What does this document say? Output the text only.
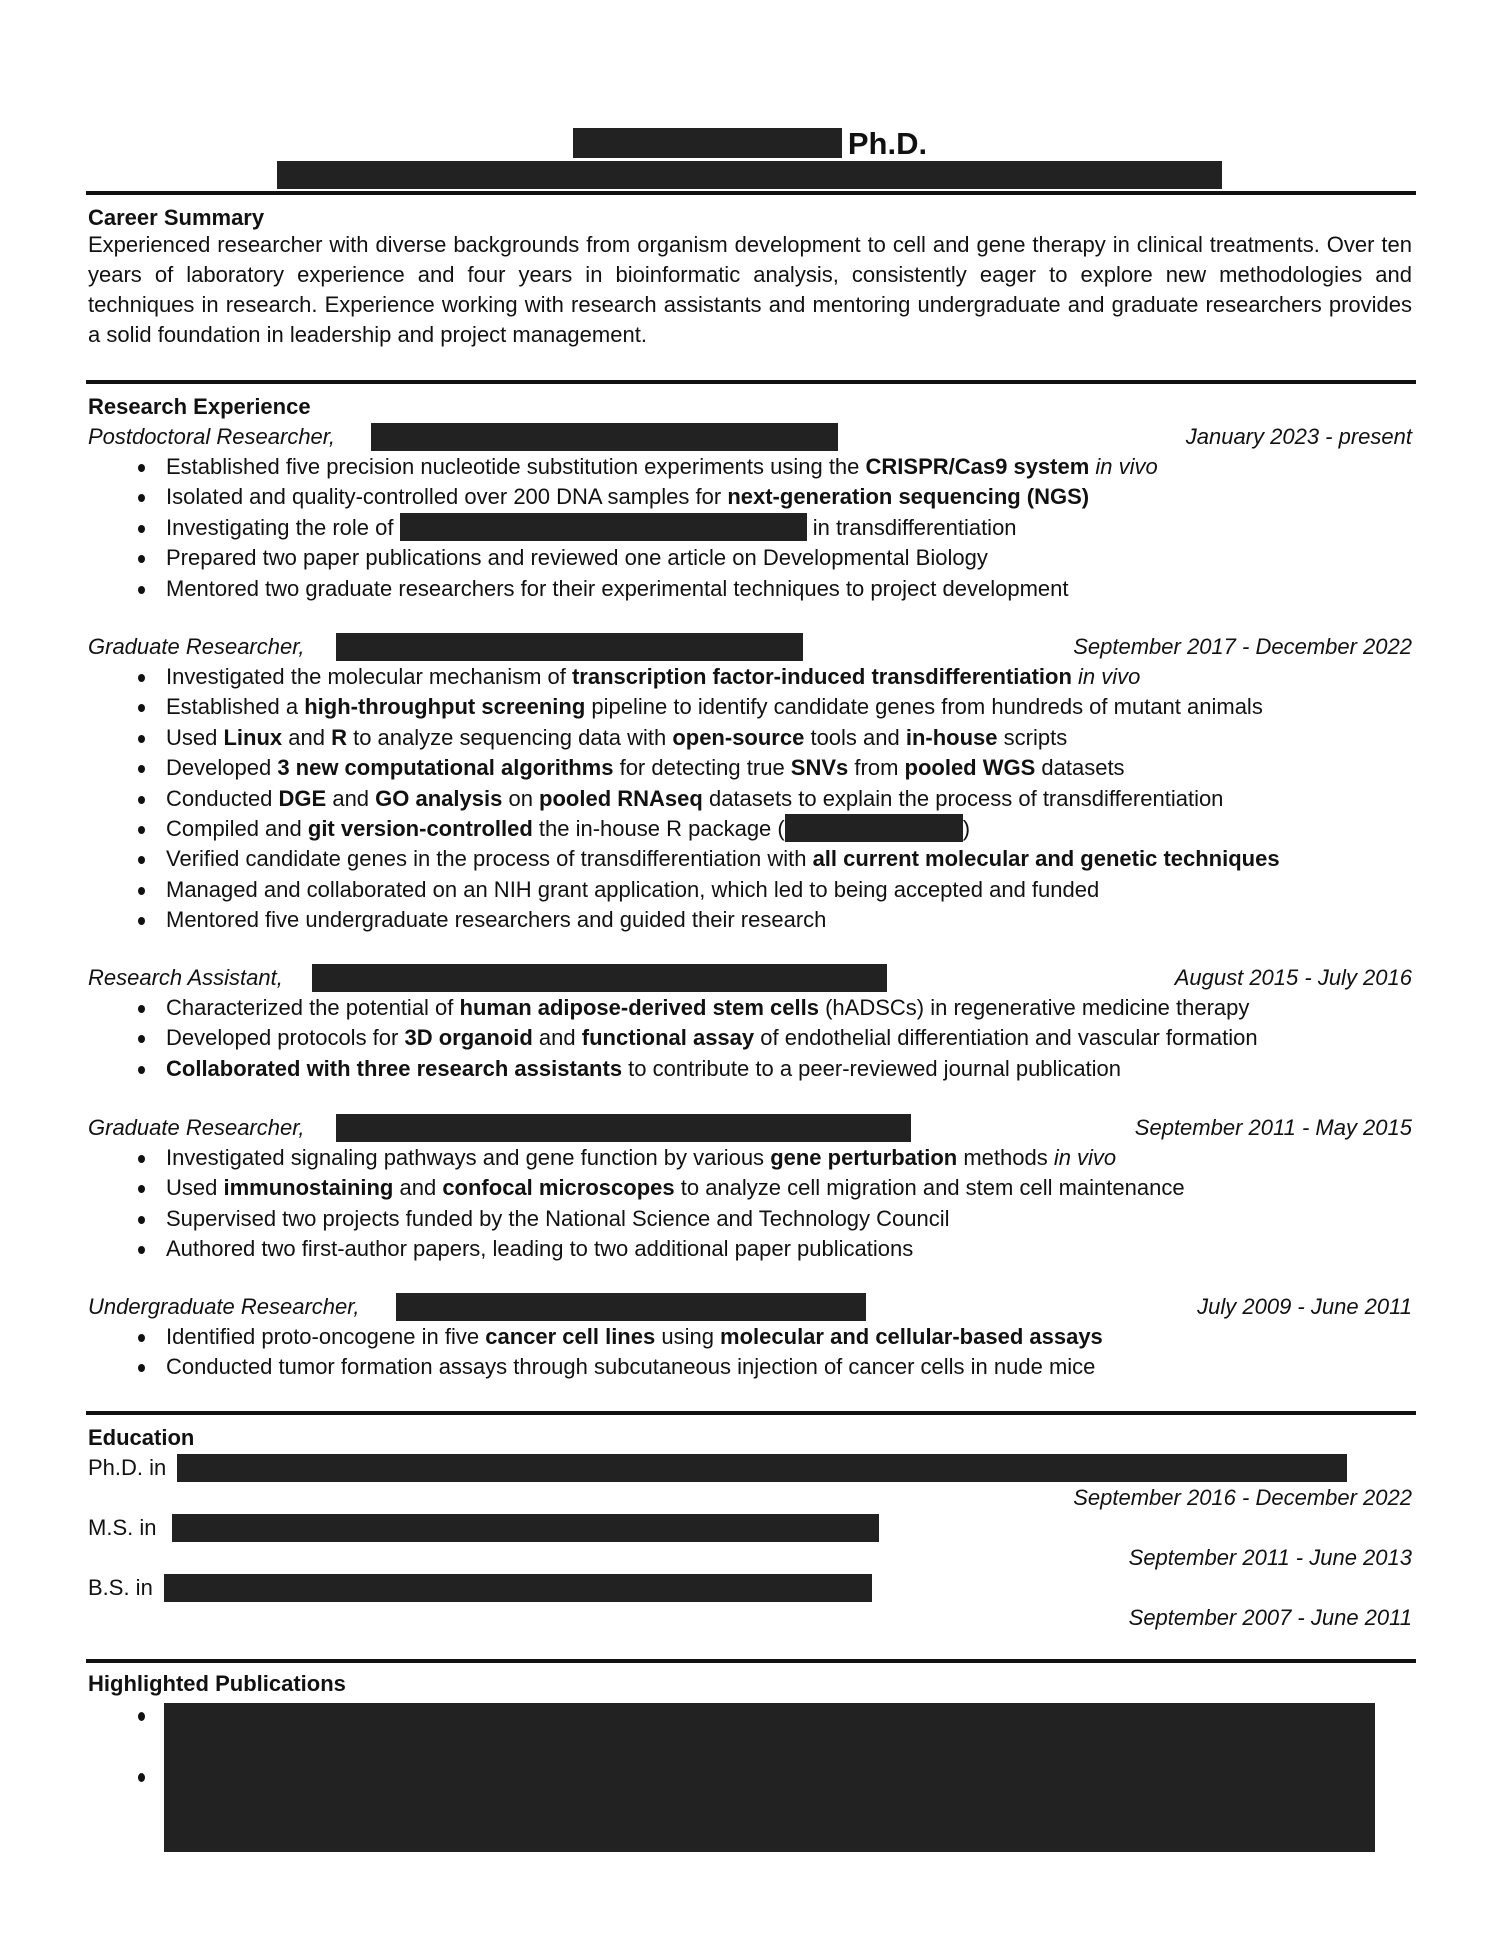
Ph.D.
Career Summary
Experienced researcher with diverse backgrounds from organism development to cell and gene therapy in clinical treatments. Over ten years of laboratory experience and four years in bioinformatic analysis, consistently eager to explore new methodologies and techniques in research. Experience working with research assistants and mentoring undergraduate and graduate researchers provides a solid foundation in leadership and project management.
Research Experience
Postdoctoral Researcher,	January 2023 - present
Established five precision nucleotide substitution experiments using the CRISPR/Cas9 system in vivo
Isolated and quality-controlled over 200 DNA samples for next-generation sequencing (NGS)
Investigating the role of	in transdifferentiation
Prepared two paper publications and reviewed one article on Developmental Biology
Mentored two graduate researchers for their experimental techniques to project development
Graduate Researcher,	September 2017 - December 2022
Investigated the molecular mechanism of transcription factor-induced transdifferentiation in vivo
Established a high-throughput screening pipeline to identify candidate genes from hundreds of mutant animals
Used Linux and R to analyze sequencing data with open-source tools and in-house scripts
Developed 3 new computational algorithms for detecting true SNVs from pooled WGS datasets
Conducted DGE and GO analysis on pooled RNAseq datasets to explain the process of transdifferentiation
Compiled and git version-controlled the in-house R package (	)
Verified candidate genes in the process of transdifferentiation with all current molecular and genetic techniques
Managed and collaborated on an NIH grant application, which led to being accepted and funded
Mentored five undergraduate researchers and guided their research
Research Assistant,	August 2015 - July 2016
Characterized the potential of human adipose-derived stem cells (hADSCs) in regenerative medicine therapy
Developed protocols for 3D organoid and functional assay of endothelial differentiation and vascular formation
Collaborated with three research assistants to contribute to a peer-reviewed journal publication
Graduate Researcher,	September 2011 - May 2015
Investigated signaling pathways and gene function by various gene perturbation methods in vivo
Used immunostaining and confocal microscopes to analyze cell migration and stem cell maintenance
Supervised two projects funded by the National Science and Technology Council
Authored two first-author papers, leading to two additional paper publications
Undergraduate Researcher,	July 2009 - June 2011
Identified proto-oncogene in five cancer cell lines using molecular and cellular-based assays
Conducted tumor formation assays through subcutaneous injection of cancer cells in nude mice
Education
Ph.D. in
September 2016 - December 2022
M.S. in
September 2011 - June 2013
B.S. in
September 2007 - June 2011
Highlighted Publications
